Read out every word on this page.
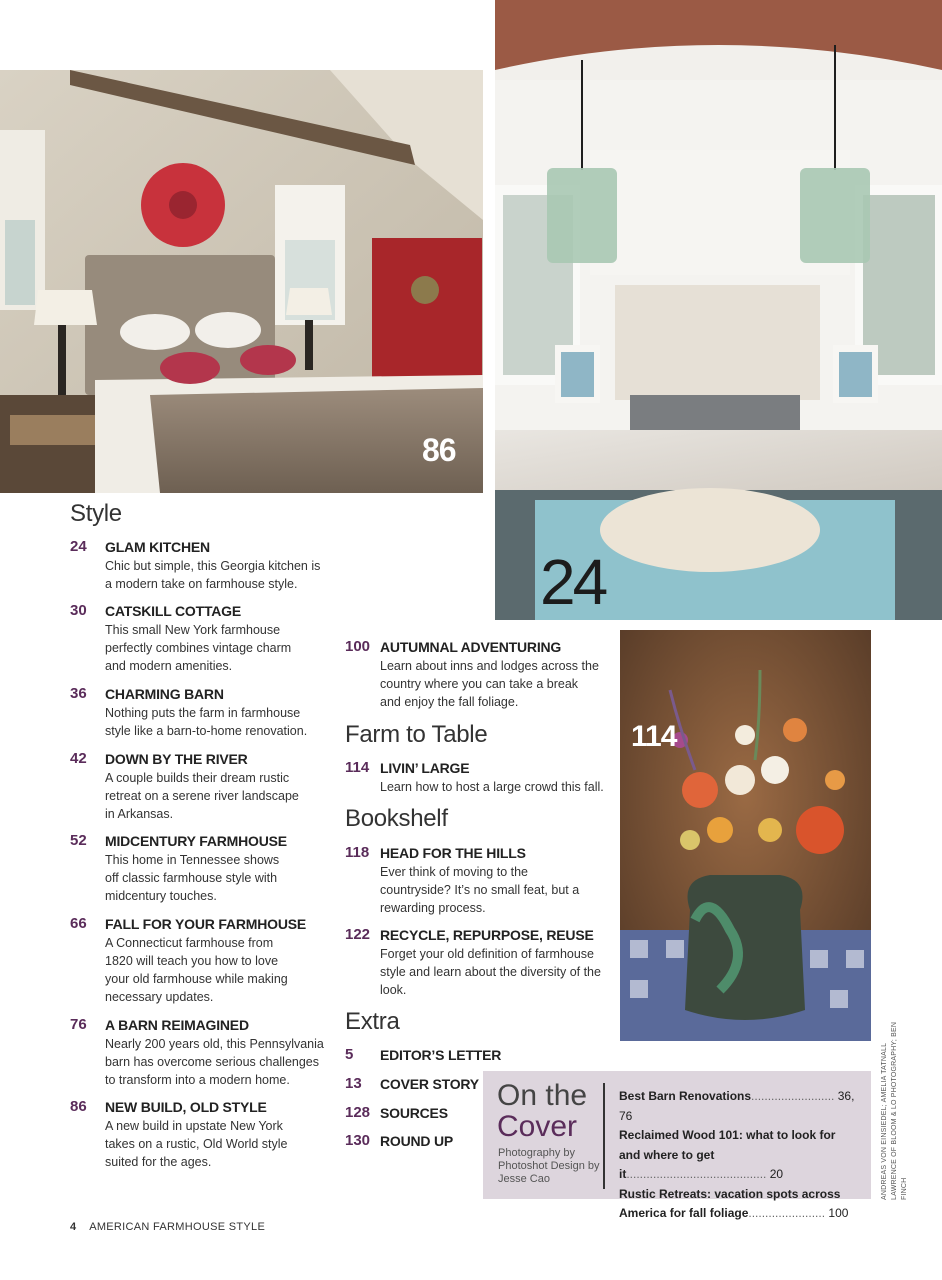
86
24
114
Style
24 GLAM KITCHEN
Chic but simple, this Georgia kitchen is a modern take on farmhouse style.
30 CATSKILL COTTAGE
This small New York farmhouse perfectly combines vintage charm and modern amenities.
36 CHARMING BARN
Nothing puts the farm in farmhouse style like a barn-to-home renovation.
42 DOWN BY THE RIVER
A couple builds their dream rustic retreat on a serene river landscape in Arkansas.
52 MIDCENTURY FARMHOUSE
This home in Tennessee shows off classic farmhouse style with midcentury touches.
66 FALL FOR YOUR FARMHOUSE
A Connecticut farmhouse from 1820 will teach you how to love your old farmhouse while making necessary updates.
76 A BARN REIMAGINED
Nearly 200 years old, this Pennsylvania barn has overcome serious challenges to transform into a modern home.
86 NEW BUILD, OLD STYLE
A new build in upstate New York takes on a rustic, Old World style suited for the ages.
100 AUTUMNAL ADVENTURING
Learn about inns and lodges across the country where you can take a break and enjoy the fall foliage.
Farm to Table
114 LIVIN’ LARGE
Learn how to host a large crowd this fall.
Bookshelf
118 HEAD FOR THE HILLS
Ever think of moving to the countryside? It’s no small feat, but a rewarding process.
122 RECYCLE, REPURPOSE, REUSE
Forget your old definition of farmhouse style and learn about the diversity of the look.
Extra
5 EDITOR’S LETTER
13 COVER STORY
128 SOURCES
130 ROUND UP
On the
Cover
Photography by Photoshot Design by Jesse Cao
Best Barn Renovations......................... 36, 76
Reclaimed Wood 101: what to look for and where to get it.......................................... 20
Rustic Retreats: vacation spots across America for fall foliage....................... 100
ANDREAS VON EINSIEDEL; AMELIA TATNALL LAWRENCE OF BLOOM & LO PHOTOGRAPHY; BEN FINCH
4 AMERICAN FARMHOUSE STYLE
